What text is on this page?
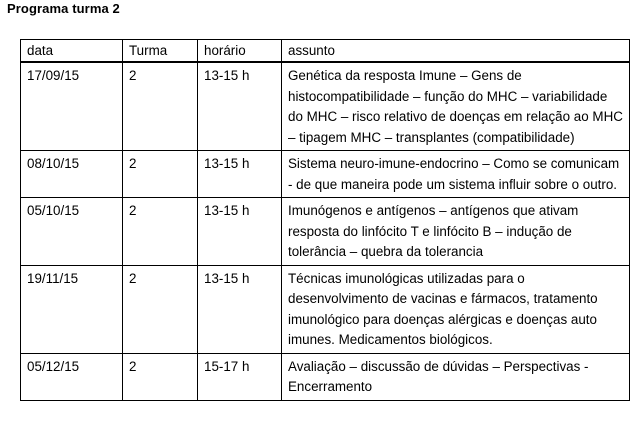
Programa turma 2
data	Turma	horário	assunto
17/09/15	2	13-15 h	Genética da resposta Imune – Gens de histocompatibilidade – função do MHC – variabilidade do MHC – risco relativo de doenças em relação ao MHC – tipagem MHC – transplantes (compatibilidade)
08/10/15	2	13-15 h	Sistema neuro-imune-endocrino – Como se comunicam - de que maneira pode um sistema influir sobre o outro.
05/10/15	2	13-15 h	Imunógenos e antígenos – antígenos que ativam resposta do linfócito T e linfócito B – indução de tolerância – quebra da tolerancia
19/11/15	2	13-15 h	Técnicas imunológicas utilizadas para o desenvolvimento de vacinas e fármacos, tratamento imunológico para doenças alérgicas e doenças auto imunes. Medicamentos biológicos.
05/12/15	2	15-17 h	Avaliação – discussão de dúvidas – Perspectivas - Encerramento
